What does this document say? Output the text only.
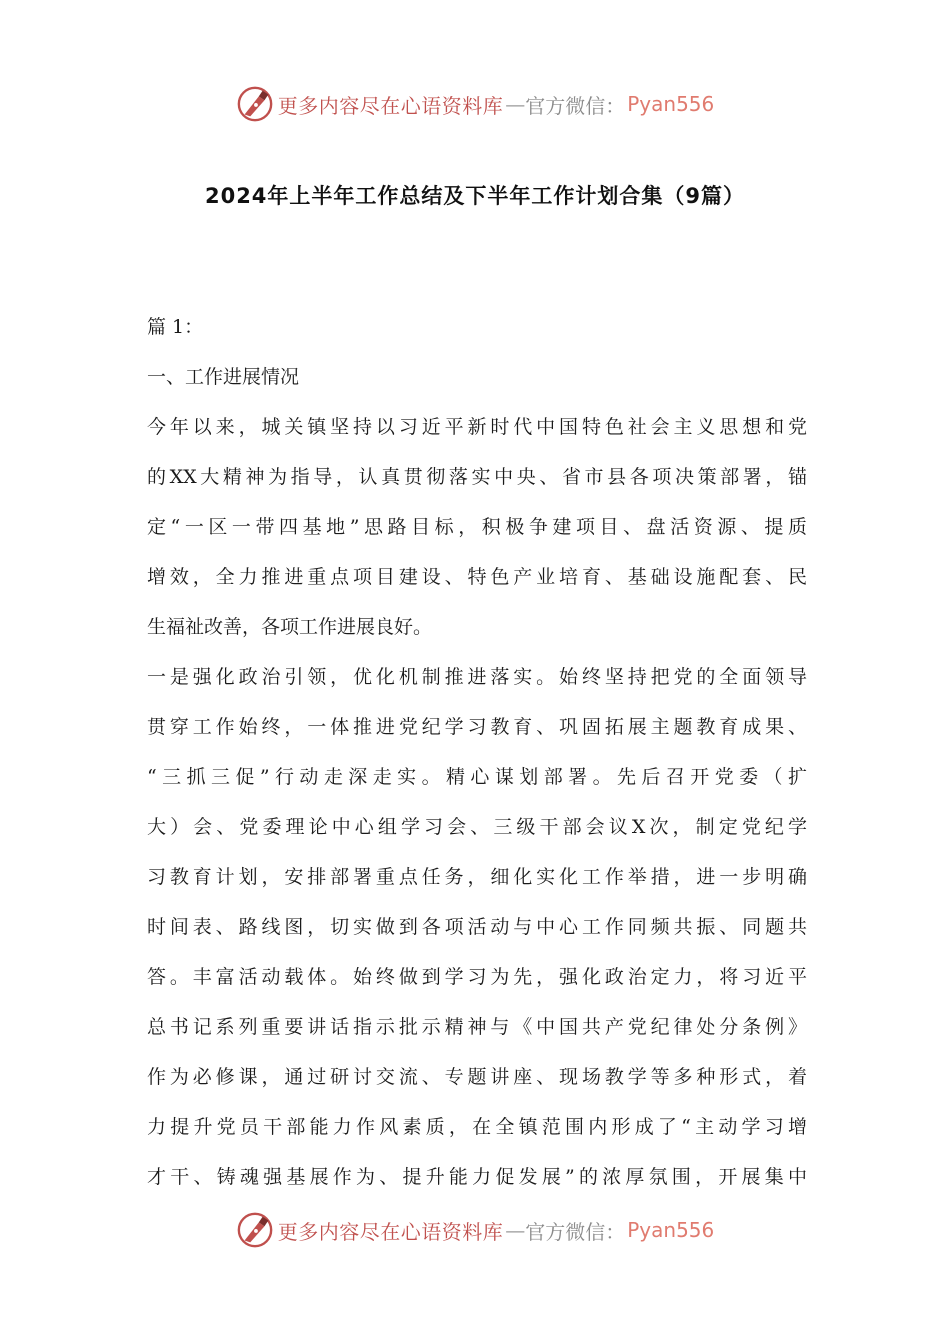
更多内容尽在心语资料库 — 官方微信： Pyan556
2024年上半年工作总结及下半年工作计划合集（9篇）
篇 1：
一、工作进展情况
今年以来，城关镇坚持以习近平新时代中国特色社会主义思想和党
的XX大精神为指导，认真贯彻落实中央、省市县各项决策部署，锚
定“一区一带四基地”思路目标，积极争建项目、盘活资源、提质
增效，全力推进重点项目建设、特色产业培育、基础设施配套、民
生福祉改善，各项工作进展良好。
一是强化政治引领，优化机制推进落实。始终坚持把党的全面领导
贯穿工作始终，一体推进党纪学习教育、巩固拓展主题教育成果、
“三抓三促”行动走深走实。精心谋划部署。先后召开党委（扩
大）会、党委理论中心组学习会、三级干部会议X次，制定党纪学
习教育计划，安排部署重点任务，细化实化工作举措，进一步明确
时间表、路线图，切实做到各项活动与中心工作同频共振、同题共
答。丰富活动载体。始终做到学习为先，强化政治定力，将习近平
总书记系列重要讲话指示批示精神与《中国共产党纪律处分条例》
作为必修课，通过研讨交流、专题讲座、现场教学等多种形式，着
力提升党员干部能力作风素质，在全镇范围内形成了“主动学习增
才干、铸魂强基展作为、提升能力促发展”的浓厚氛围，开展集中
更多内容尽在心语资料库 — 官方微信： Pyan556
